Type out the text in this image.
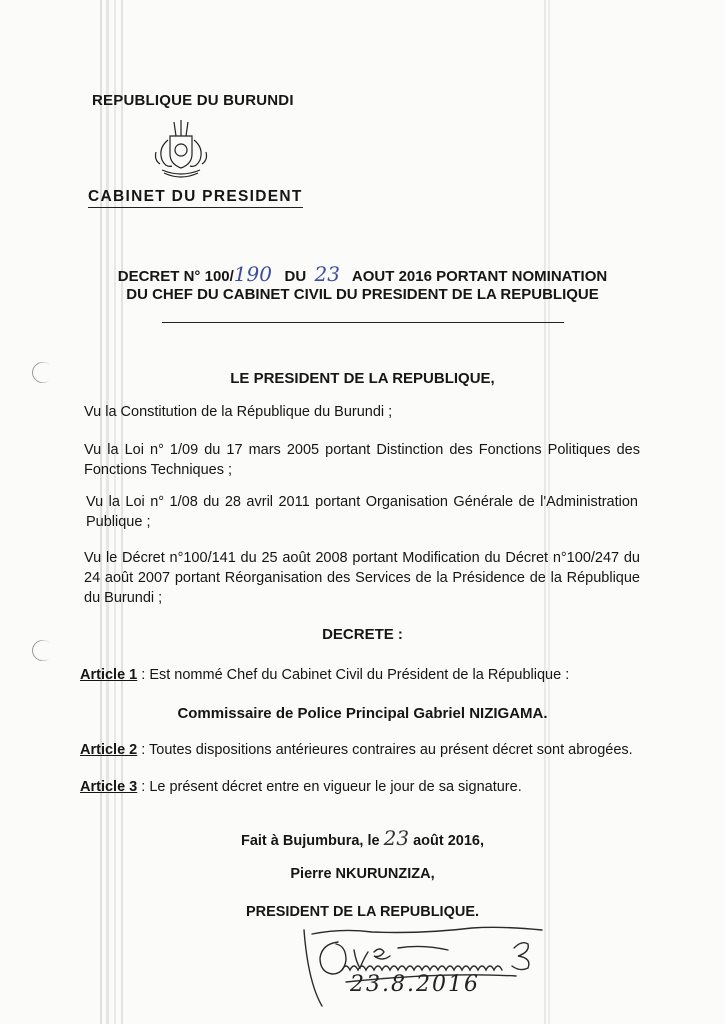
REPUBLIQUE DU BURUNDI
CABINET DU PRESIDENT
DECRET N° 100/190 DU 23 AOUT 2016 PORTANT NOMINATION
DU CHEF DU CABINET CIVIL DU PRESIDENT DE LA REPUBLIQUE
LE PRESIDENT DE LA REPUBLIQUE,
Vu la Constitution de la République du Burundi ;
Vu la Loi n° 1/09 du 17 mars 2005 portant Distinction des Fonctions Politiques des Fonctions Techniques ;
Vu la Loi n° 1/08 du 28 avril 2011 portant Organisation Générale de l'Administration Publique ;
Vu le Décret n°100/141 du 25 août 2008 portant Modification du Décret n°100/247 du 24 août 2007 portant Réorganisation des Services de la Présidence de la République du Burundi ;
DECRETE :
Article 1 : Est nommé Chef du Cabinet Civil du Président de la République :
Commissaire de Police Principal Gabriel NIZIGAMA.
Article 2 : Toutes dispositions antérieures contraires au présent décret sont abrogées.
Article 3 : Le présent décret entre en vigueur le jour de sa signature.
Fait à Bujumbura, le 23 août 2016,
Pierre NKURUNZIZA,
PRESIDENT DE LA REPUBLIQUE.
23.8.2016
